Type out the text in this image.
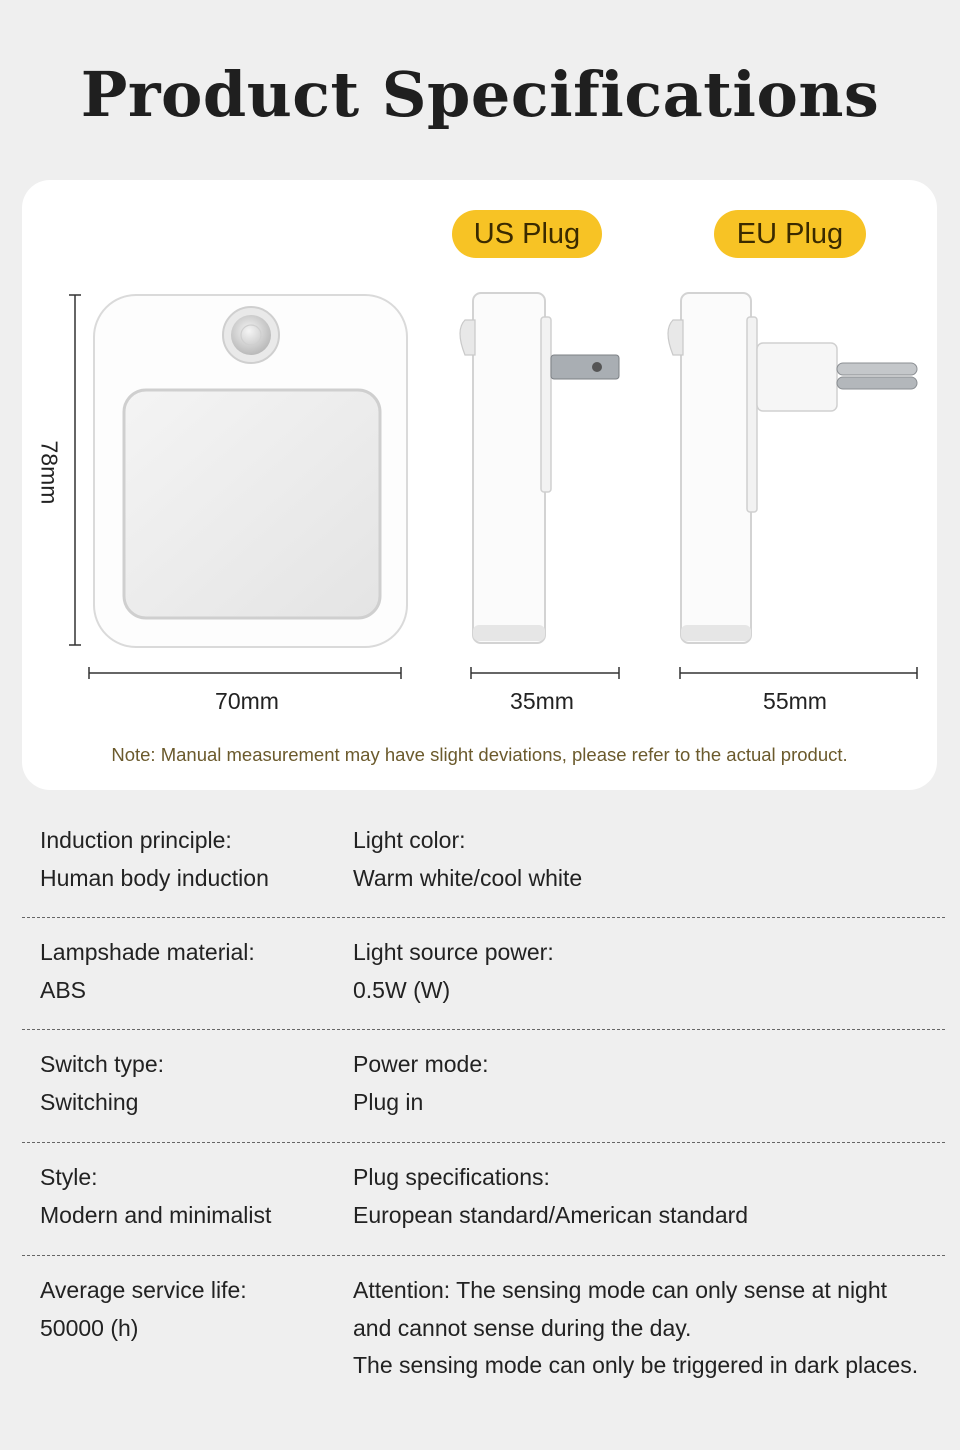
Product Specifications
US Plug	EU Plug
78mm
70mm	35mm	55mm
Note: Manual measurement may have slight deviations, please refer to the actual product.
Induction principle:
Human body induction
Light color:
Warm white/cool white
Lampshade material:
ABS
Light source power:
0.5W (W)
Switch type:
Switching
Power mode:
Plug in
Style:
Modern and minimalist
Plug specifications:
European standard/American standard
Average service life:
50000 (h)
Attention: The sensing mode can only sense at night
and cannot sense during the day.
The sensing mode can only be triggered in dark places.
